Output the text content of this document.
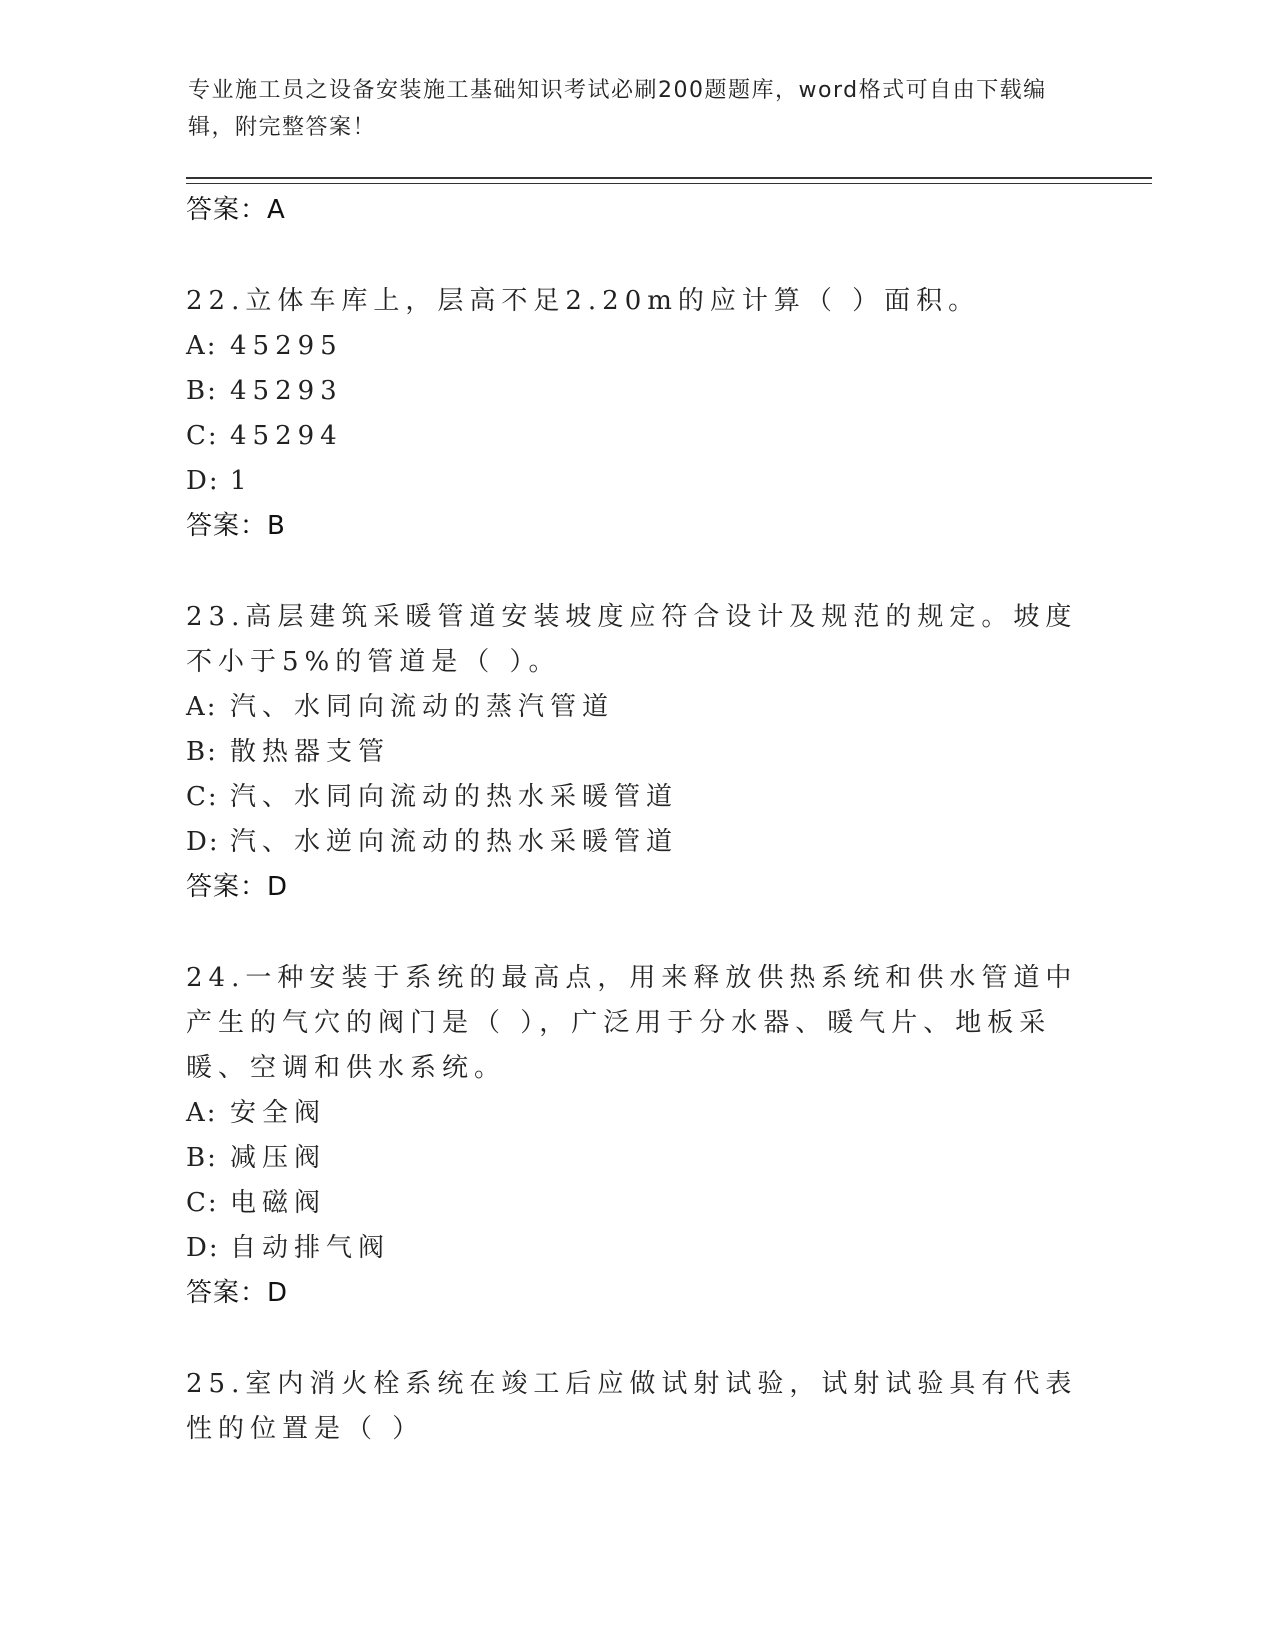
专业施工员之设备安装施工基础知识考试必刷200题题库，word格式可自由下载编辑，附完整答案！
答案：A
22.立体车库上，层高不足2.20m的应计算（ ）面积。
A: 45295
B: 45293
C: 45294
D: 1
答案：B
23.高层建筑采暖管道安装坡度应符合设计及规范的规定。坡度不小于5%的管道是（ ）。
A: 汽、水同向流动的蒸汽管道
B: 散热器支管
C: 汽、水同向流动的热水采暖管道
D: 汽、水逆向流动的热水采暖管道
答案：D
24.一种安装于系统的最高点，用来释放供热系统和供水管道中产生的气穴的阀门是（ ），广泛用于分水器、暖气片、地板采暖、空调和供水系统。
A: 安全阀
B: 减压阀
C: 电磁阀
D: 自动排气阀
答案：D
25.室内消火栓系统在竣工后应做试射试验，试射试验具有代表性的位置是（ ）
